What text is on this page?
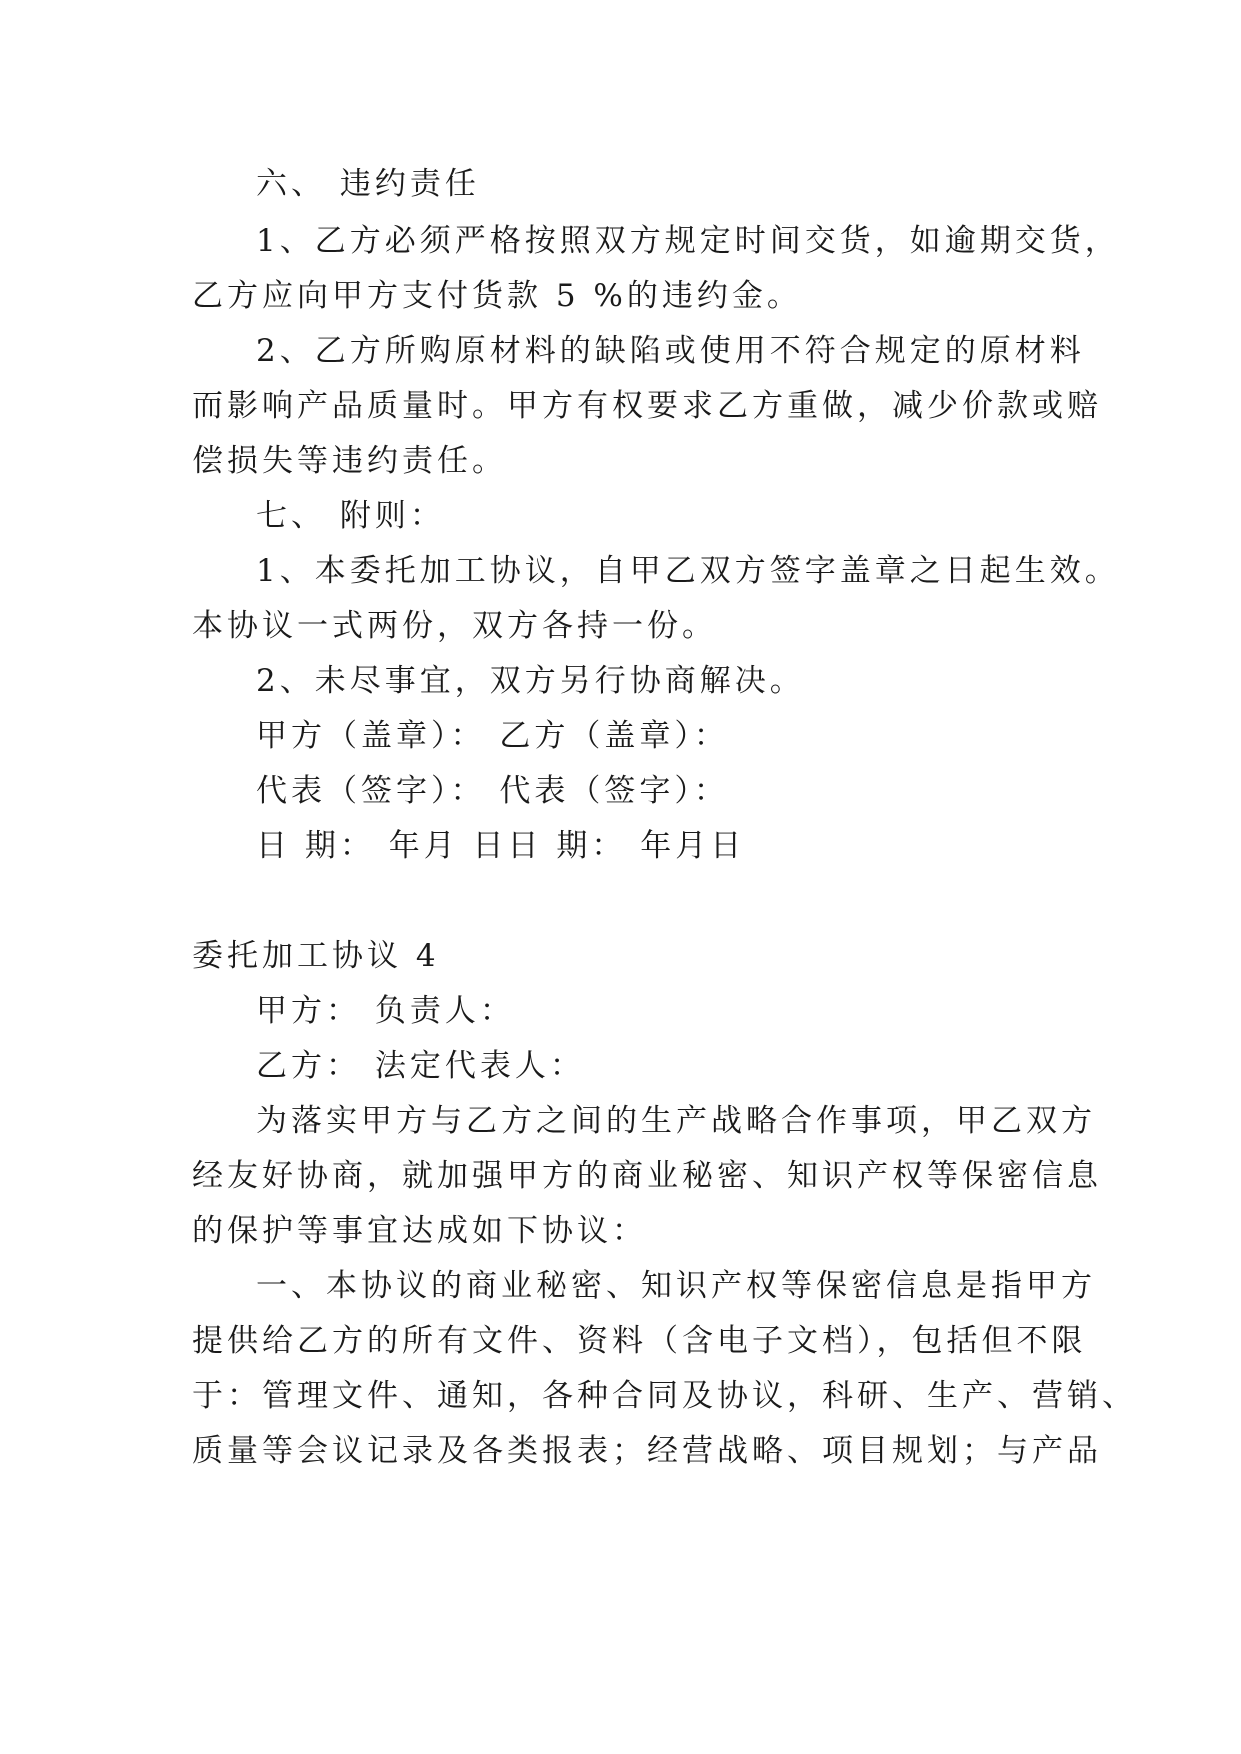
六、 违约责任
1、乙方必须严格按照双方规定时间交货，如逾期交货，
乙方应向甲方支付货款 5 %的违约金。
2、乙方所购原材料的缺陷或使用不符合规定的原材料
而影响产品质量时。甲方有权要求乙方重做，减少价款或赔
偿损失等违约责任。
七、 附则：
1、本委托加工协议，自甲乙双方签字盖章之日起生效。
本协议一式两份，双方各持一份。
2、未尽事宜，双方另行协商解决。
甲方（盖章）： 乙方（盖章）：
代表（签字）： 代表（签字）：
日 期： 年月 日日 期： 年月日
委托加工协议 4
甲方： 负责人：
乙方： 法定代表人：
为落实甲方与乙方之间的生产战略合作事项，甲乙双方
经友好协商，就加强甲方的商业秘密、知识产权等保密信息
的保护等事宜达成如下协议：
一、本协议的商业秘密、知识产权等保密信息是指甲方
提供给乙方的所有文件、资料（含电子文档），包括但不限
于：管理文件、通知，各种合同及协议，科研、生产、营销、
质量等会议记录及各类报表；经营战略、项目规划；与产品
